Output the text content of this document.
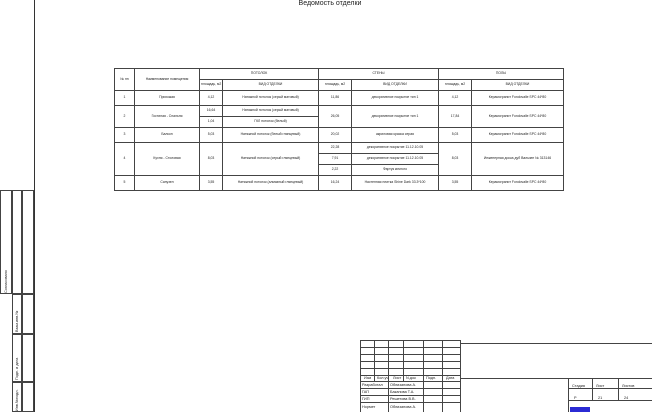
Ведомость отделки
№ пп	Наименование помещения	ПОТОЛОК		СТЕНЫ		ПОЛЫ	
		площадь, м2	ВИД ОТДЕЛКИ	площадь, м2	ВИД ОТДЕЛКИ	площадь, м2	ВИД ОТДЕЛКИ
1	Прихожая	4,12	Натяжной потолок (серый матовый)	11,86	декоративное покрытие тип 1	4,12	Керамогранит Fondovalle SPC 44*80
2	Гостиная - Спальня	16,64	Натяжной потолок (серый матовый)	26,05	декоративное покрытие тип 1	17,84	Керамогранит Fondovalle SPC 44*80
		1,04	ГКЛ потолок (белый)				
3	Балкон	5,03	Натяжной потолок (белый глянцевый)	20,02	акриловая краска серая	5,03	Керамогранит Fondovalle SPC 44*80
4	Кухня - Столовая	8,03	Натяжной потолок (серый глянцевый)	22,28	декоративное покрытие 11.12.10.05	8,03	Инженерная доска дуб Вальзен № 313146
				7,91	декоративное покрытие 11.12.10.05		
				2,22	Фартук кичного		
5	Санузел	3,55	Натяжной потолок (алмазный глянцевый)	16,24	Настенная плитка Shine Dark 33.3*100	3,55	Керамогранит Fondovalle SPC 44*80
Согласовано
Взам.инв.№
Подп. и дата
Инв.№подл.
Изм Кол.уч Лист N.док	Подп.	Дата
Разработал Облизанова А.
ГАП	Баканова Т.А.
ГИП	Решетова В.В.
Нормет	Облизанова А.
Стадия	Лист	Листов
Р	21	24
